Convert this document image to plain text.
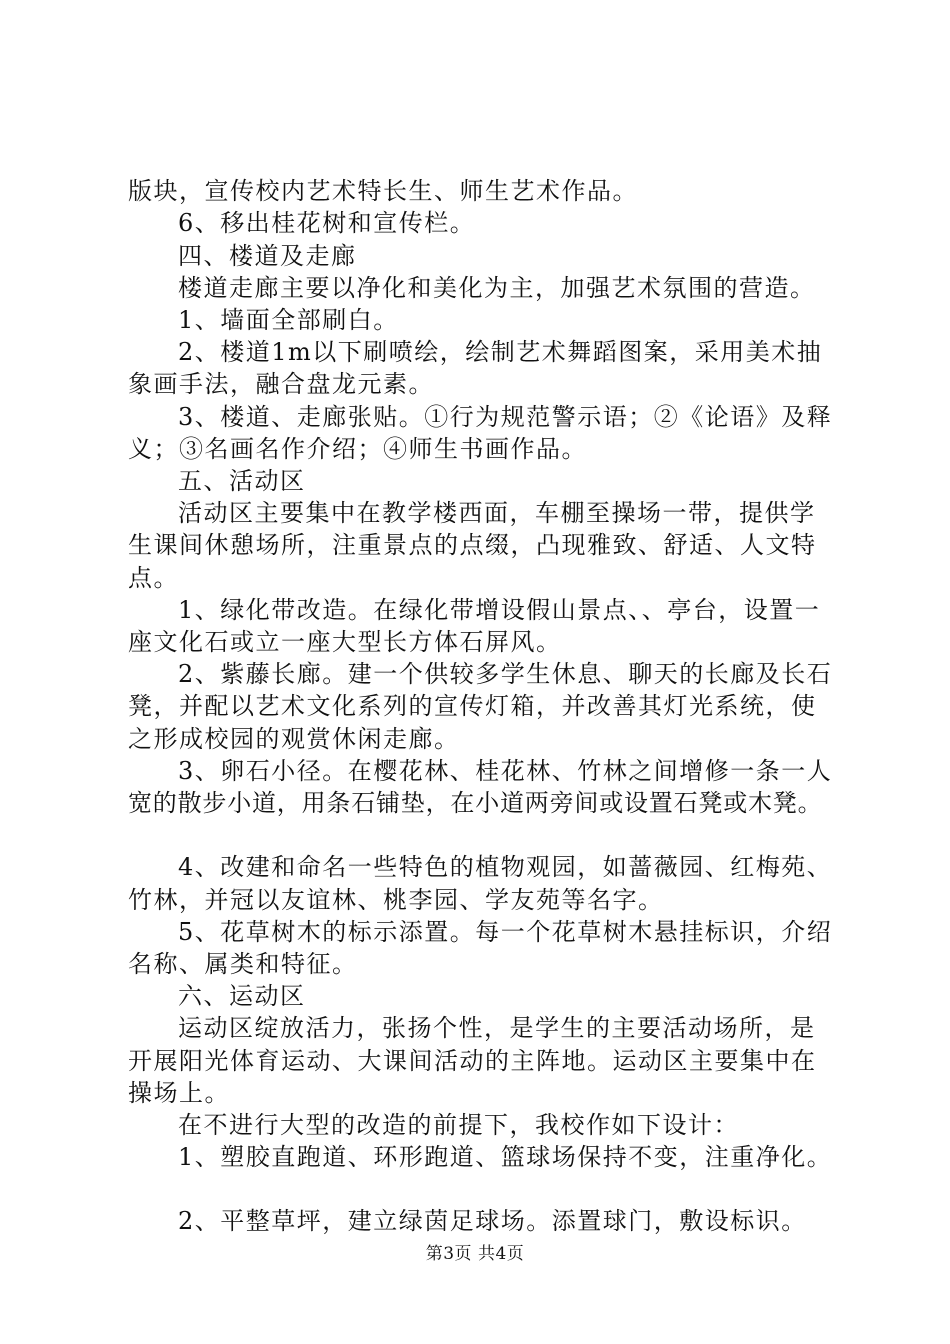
版块，宣传校内艺术特长生、师生艺术作品。
6、移出桂花树和宣传栏。
四、楼道及走廊
楼道走廊主要以净化和美化为主，加强艺术氛围的营造。
1、墙面全部刷白。
2、楼道1m以下刷喷绘，绘制艺术舞蹈图案，采用美术抽
象画手法，融合盘龙元素。
3、楼道、走廊张贴。①行为规范警示语；②《论语》及释
义；③名画名作介绍；④师生书画作品。
五、活动区
活动区主要集中在教学楼西面，车棚至操场一带，提供学
生课间休憩场所，注重景点的点缀，凸现雅致、舒适、人文特
点。
1、绿化带改造。在绿化带增设假山景点、、亭台，设置一
座文化石或立一座大型长方体石屏风。
2、紫藤长廊。建一个供较多学生休息、聊天的长廊及长石
凳，并配以艺术文化系列的宣传灯箱，并改善其灯光系统，使
之形成校园的观赏休闲走廊。
3、卵石小径。在樱花林、桂花林、竹林之间增修一条一人
宽的散步小道，用条石铺垫，在小道两旁间或设置石凳或木凳。
4、改建和命名一些特色的植物观园，如蔷薇园、红梅苑、
竹林，并冠以友谊林、桃李园、学友苑等名字。
5、花草树木的标示添置。每一个花草树木悬挂标识，介绍
名称、属类和特征。
六、运动区
运动区绽放活力，张扬个性，是学生的主要活动场所，是
开展阳光体育运动、大课间活动的主阵地。运动区主要集中在
操场上。
在不进行大型的改造的前提下，我校作如下设计：
1、塑胶直跑道、环形跑道、篮球场保持不变，注重净化。
2、平整草坪，建立绿茵足球场。添置球门，敷设标识。
第3页 共4页
